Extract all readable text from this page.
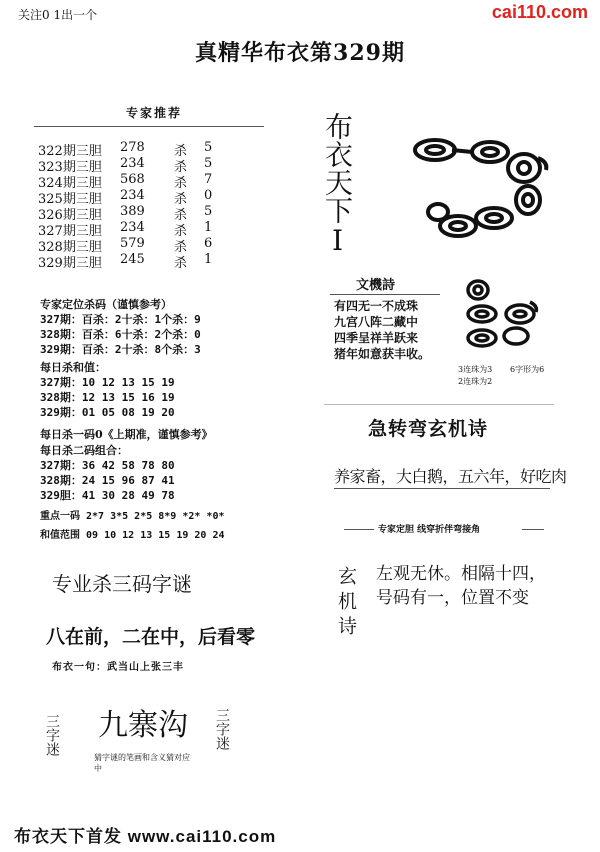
关注0 1出一个	cai110.com
真精华布衣第329期
专家推荐
322期三胆 278 杀 5
323期三胆 234 杀 5
324期三胆 568 杀 7
325期三胆 234 杀 0
326期三胆 389 杀 5
327期三胆 234 杀 1
328期三胆 579 杀 6
329期三胆 245 杀 1
专家定位杀码（谨慎参考）
327期：百杀：2十杀：1个杀：9
328期：百杀：6十杀：2个杀：0
329期：百杀：2十杀：8个杀：3
每日杀和值：
327期：10 12 13 15 19
328期：12 13 15 16 19
329期：01 05 08 19 20
每日杀一码0《上期准，谨慎参考》
每日杀二码组合：
327期：36 42 58 78 80
328期：24 15 96 87 41
329胆：41 30 28 49 78
重点一码 2*7 3*5 2*5 8*9 *2* *0*
和值范围 09 10 12 13 15 19 20 24
专业杀三码字谜
八在前，二在中，后看零
布衣一句：武当山上张三丰
三字迷 九寨沟
猜字谜的笔画和含义猜对应中
三字迷
布衣天下I
文機詩
有四无一不成珠
九宫八阵二藏中
四季呈祥羊跃来
猪年如意获丰收。
3连珠为3 6字形为6
2连珠为2
急转弯玄机诗
养家畜，大白鹅，五六年，好吃肉
专家定胆 线穿折伴弯接角
玄机诗 左观无休。相隔十四，
号码有一，位置不变
布衣天下首发 www.cai110.com
